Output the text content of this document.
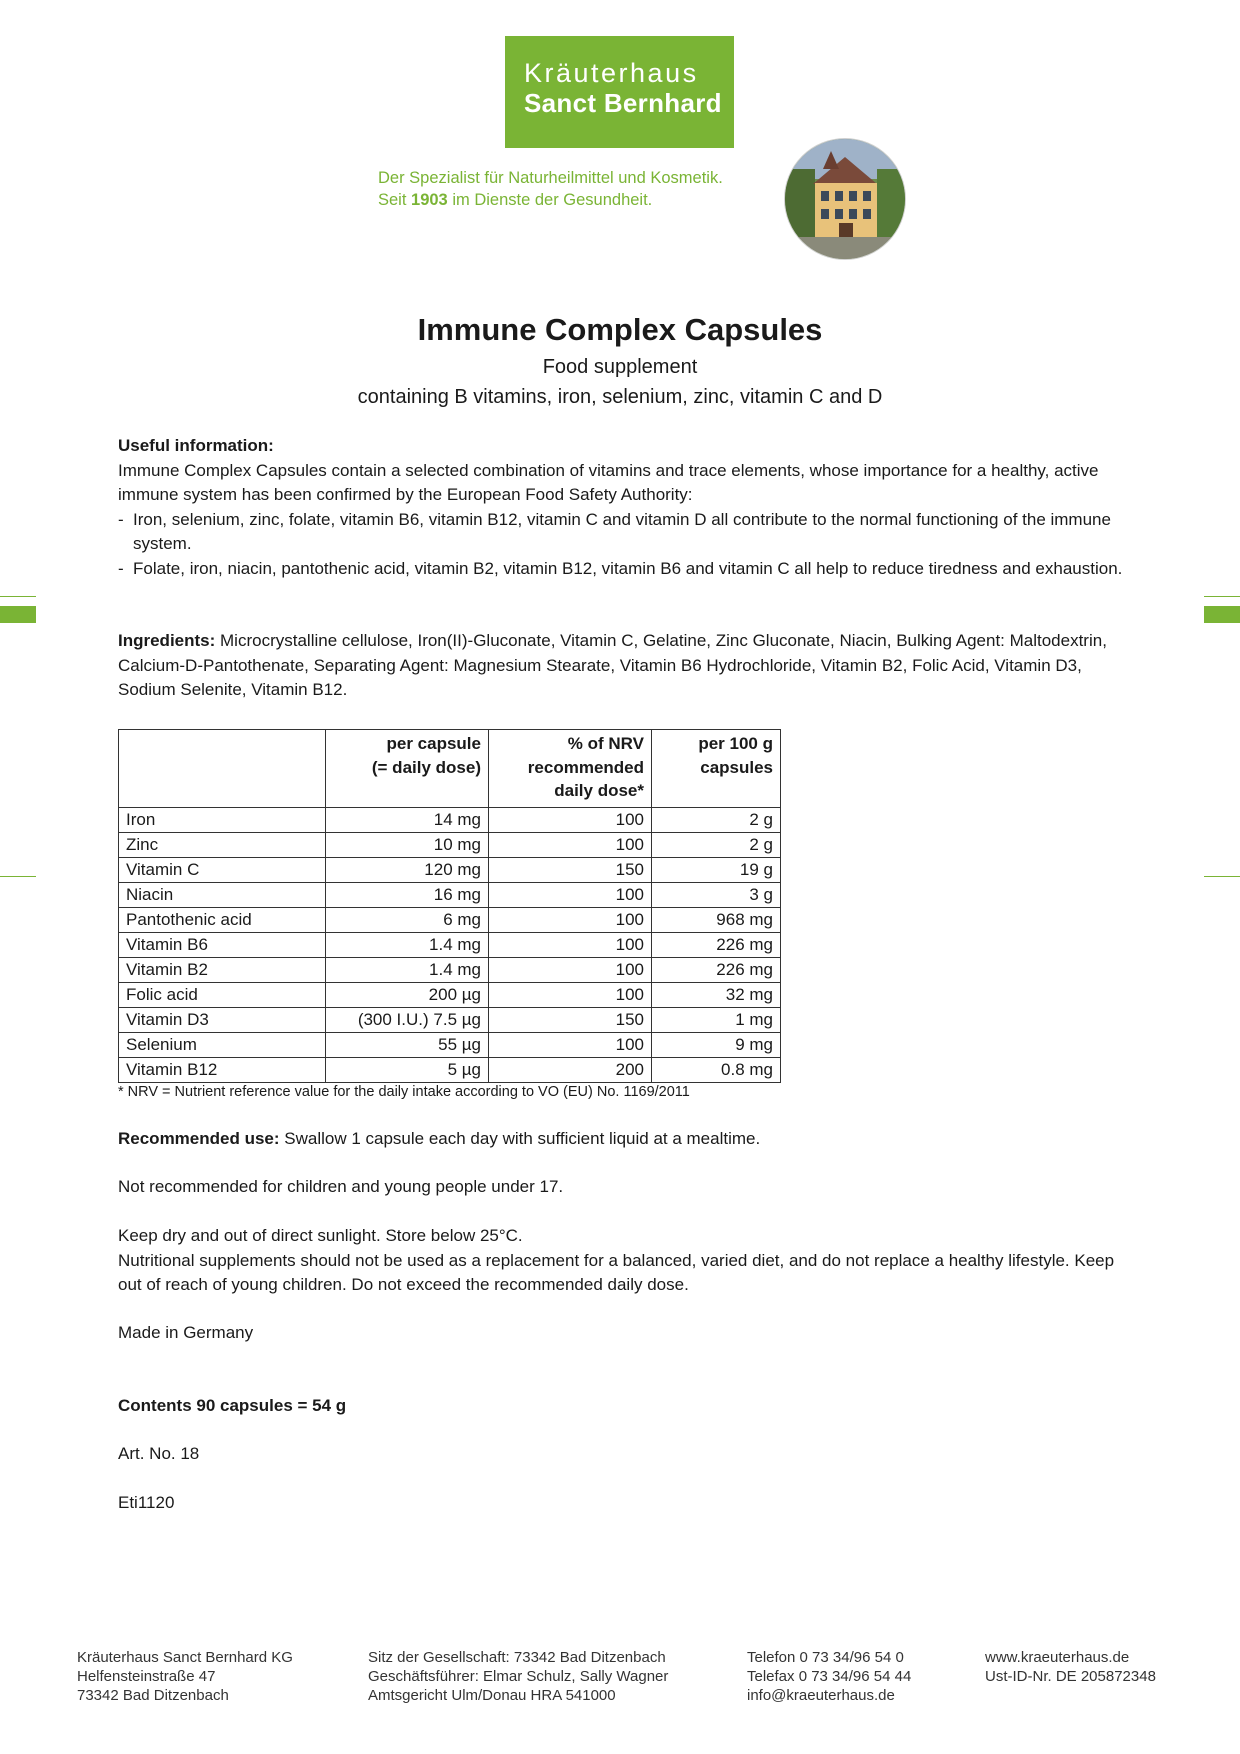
Kräuterhaus
Sanct Bernhard
Der Spezialist für Naturheilmittel und Kosmetik.
Seit 1903 im Dienste der Gesundheit.
Immune Complex Capsules
Food supplement
containing B vitamins, iron, selenium, zinc, vitamin C and D

Useful information:

Immune Complex Capsules contain a selected combination of vitamins and trace elements, whose importance for a healthy, active immune system has been confirmed by the European Food Safety Authority:

- Iron, selenium, zinc, folate, vitamin B6, vitamin B12, vitamin C and vitamin D all contribute to the normal functioning of the immune system.
- Folate, iron, niacin, pantothenic acid, vitamin B2, vitamin B12, vitamin B6 and vitamin C all help to reduce tiredness and exhaustion.

Ingredients: Microcrystalline cellulose, Iron(II)-Gluconate, Vitamin C, Gelatine, Zinc Gluconate, Niacin, Bulking Agent: Maltodextrin, Calcium-D-Pantothenate, Separating Agent: Magnesium Stearate, Vitamin B6 Hydrochloride, Vitamin B2, Folic Acid, Vitamin D3, Sodium Selenite, Vitamin B12.

	per capsule
(= daily dose)	% of NRV
recommended
daily dose*	per 100 g
capsules
Iron	14 mg	100	2 g
Zinc	10 mg	100	2 g
Vitamin C	120 mg	150	19 g
Niacin	16 mg	100	3 g
Pantothenic acid	6 mg	100	968 mg
Vitamin B6	1.4 mg	100	226 mg
Vitamin B2	1.4 mg	100	226 mg
Folic acid	200 µg	100	32 mg
Vitamin D3	(300 I.U.) 7.5 µg	150	1 mg
Selenium	55 µg	100	9 mg
Vitamin B12	5 µg	200	0.8 mg
* NRV = Nutrient reference value for the daily intake according to VO (EU) No. 1169/2011

Recommended use: Swallow 1 capsule each day with sufficient liquid at a mealtime.

Not recommended for children and young people under 17.

Keep dry and out of direct sunlight. Store below 25°C.

Nutritional supplements should not be used as a replacement for a balanced, varied diet, and do not replace a healthy lifestyle. Keep out of reach of young children. Do not exceed the recommended daily dose.

Made in Germany
Contents 90 capsules = 54 g
Art. No. 18
Eti1120
Kräuterhaus Sanct Bernhard KG
Helfensteinstraße 47
73342 Bad Ditzenbach
Sitz der Gesellschaft: 73342 Bad Ditzenbach
Geschäftsführer: Elmar Schulz, Sally Wagner
Amtsgericht Ulm/Donau HRA 541000
Telefon 0 73 34/96 54 0
Telefax 0 73 34/96 54 44
info@kraeuterhaus.de
www.kraeuterhaus.de
Ust-ID-Nr. DE 205872348
